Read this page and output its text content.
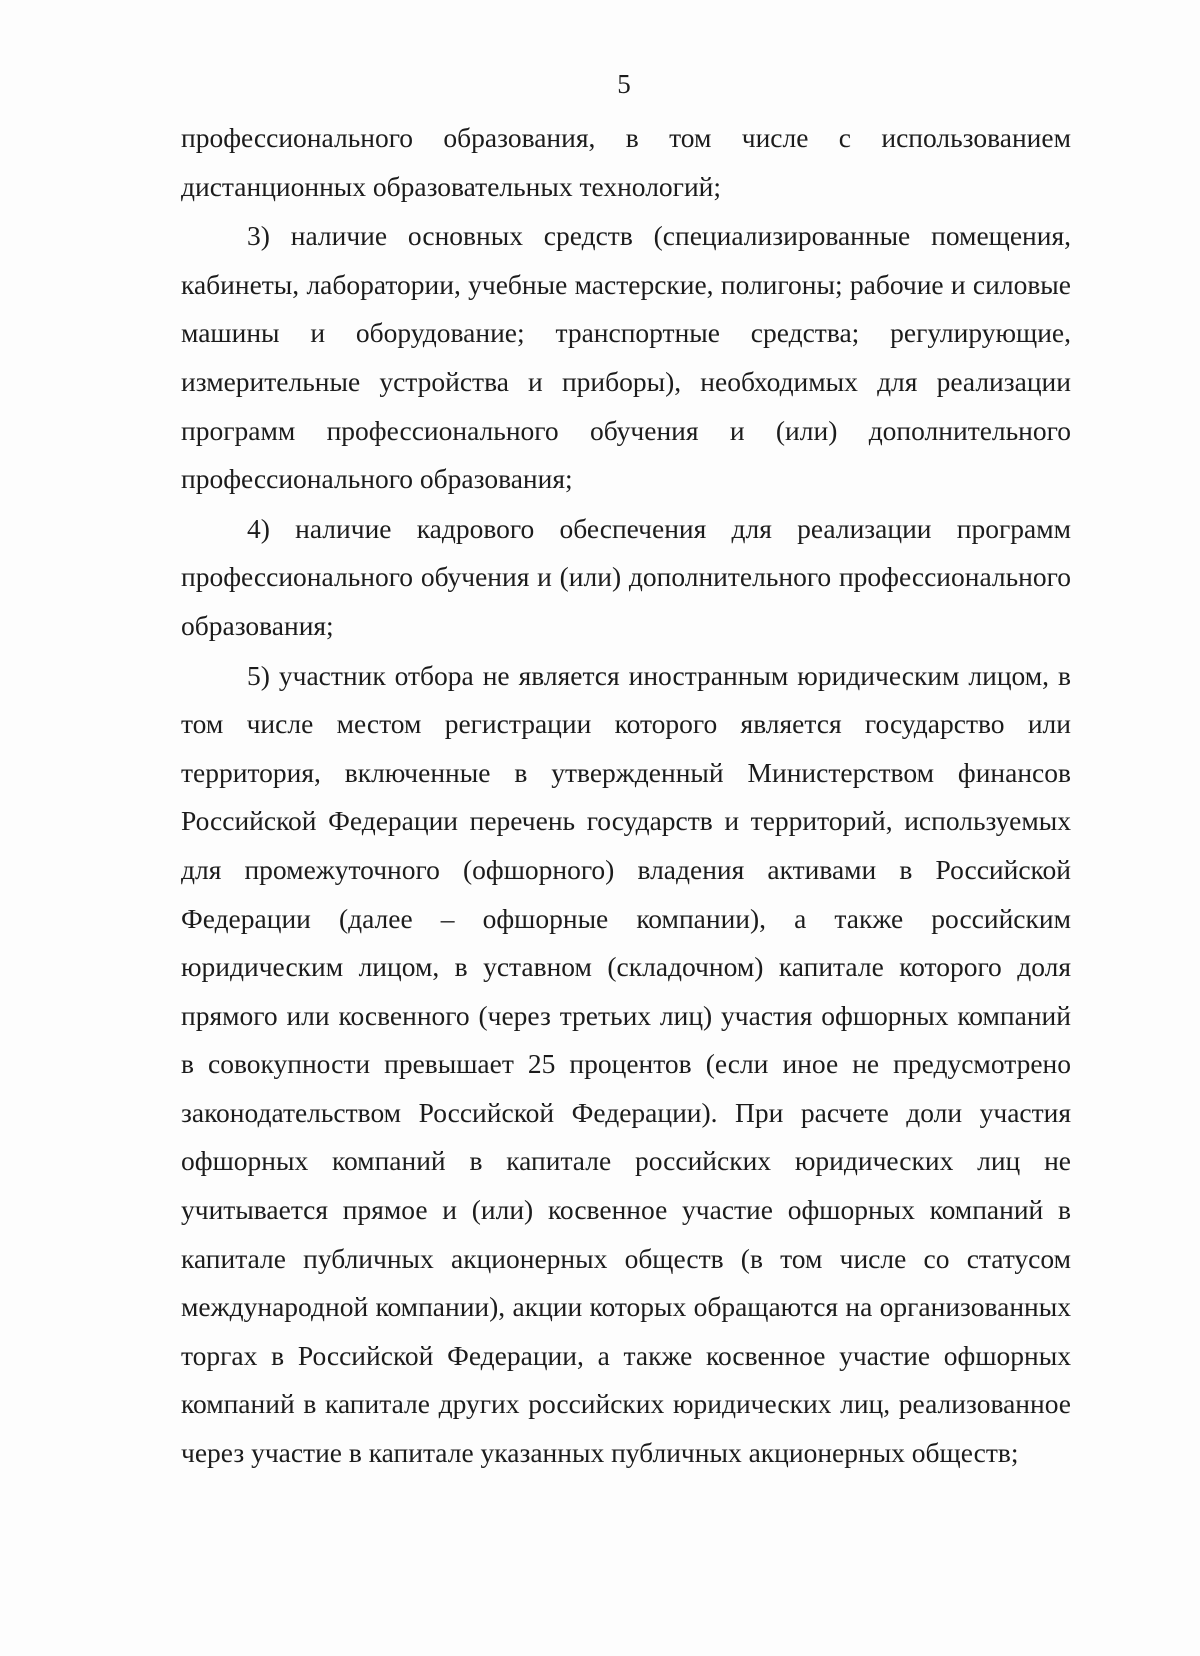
5

профессионального образования, в том числе с использованием дистанционных образовательных технологий;

3) наличие основных средств (специализированные помещения, кабинеты, лаборатории, учебные мастерские, полигоны; рабочие и силовые машины и оборудование; транспортные средства; регулирующие, измерительные устройства и приборы), необходимых для реализации программ профессионального обучения и (или) дополнительного профессионального образования;

4) наличие кадрового обеспечения для реализации программ профессионального обучения и (или) дополнительного профессионального образования;

5) участник отбора не является иностранным юридическим лицом, в том числе местом регистрации которого является государство или территория, включенные в утвержденный Министерством финансов Российской Федерации перечень государств и территорий, используемых для промежуточного (офшорного) владения активами в Российской Федерации (далее – офшорные компании), а также российским юридическим лицом, в уставном (складочном) капитале которого доля прямого или косвенного (через третьих лиц) участия офшорных компаний в совокупности превышает 25 процентов (если иное не предусмотрено законодательством Российской Федерации). При расчете доли участия офшорных компаний в капитале российских юридических лиц не учитывается прямое и (или) косвенное участие офшорных компаний в капитале публичных акционерных обществ (в том числе со статусом международной компании), акции которых обращаются на организованных торгах в Российской Федерации, а также косвенное участие офшорных компаний в капитале других российских юридических лиц, реализованное через участие в капитале указанных публичных акционерных обществ;
